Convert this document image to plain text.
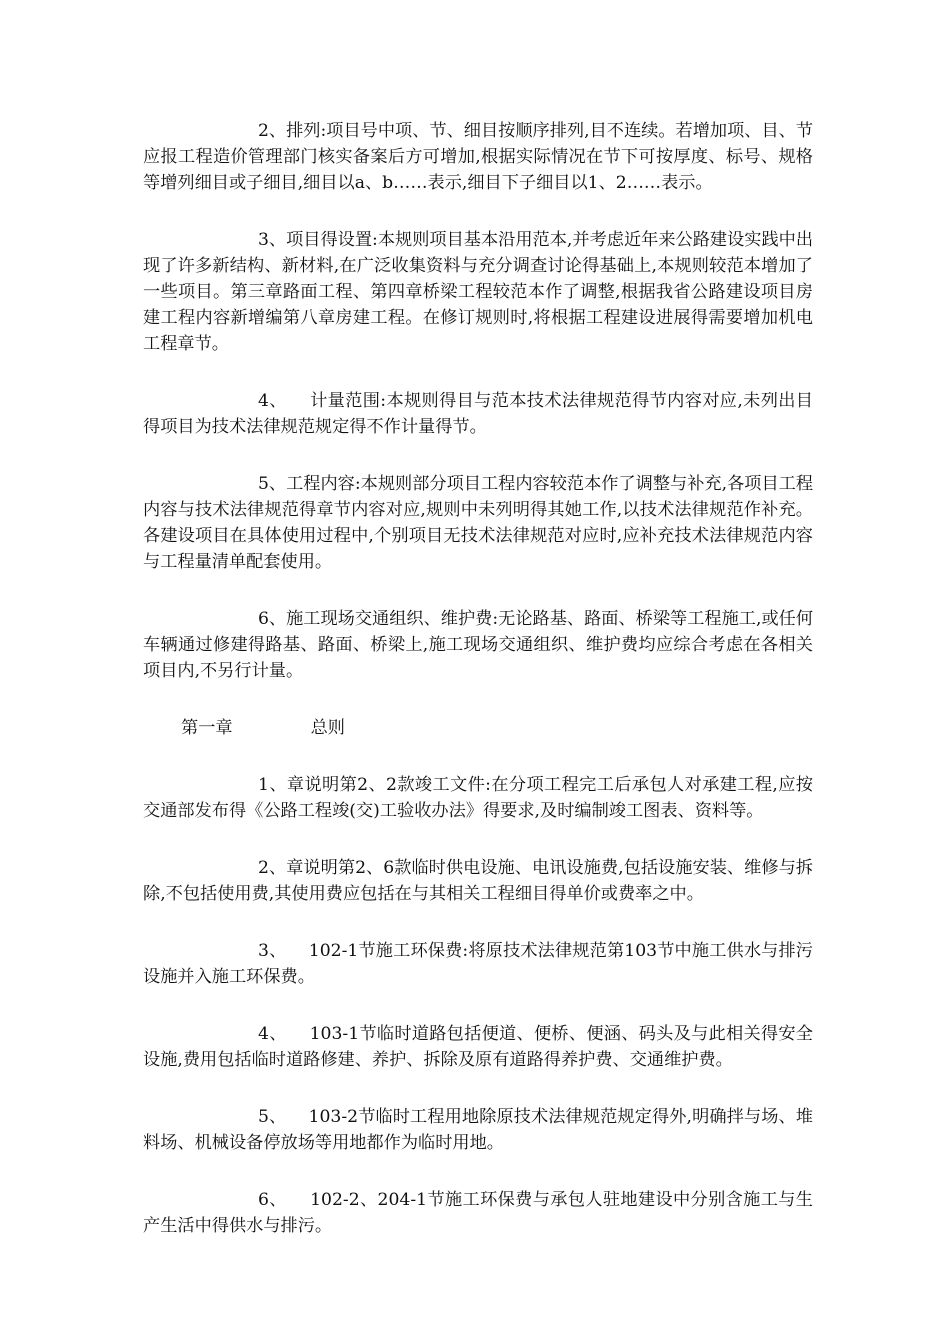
2、排列:项目号中项、节、细目按顺序排列,目不连续。若增加项、目、节应报工程造价管理部门核实备案后方可增加,根据实际情况在节下可按厚度、标号、规格等增列细目或子细目,细目以a、b……表示,细目下子细目以1、2……表示。

3、项目得设置:本规则项目基本沿用范本,并考虑近年来公路建设实践中出现了许多新结构、新材料,在广泛收集资料与充分调查讨论得基础上,本规则较范本增加了一些项目。第三章路面工程、第四章桥梁工程较范本作了调整,根据我省公路建设项目房建工程内容新增编第八章房建工程。在修订规则时,将根据工程建设进展得需要增加机电工程章节。

4、    计量范围:本规则得目与范本技术法律规范得节内容对应,未列出目得项目为技术法律规范规定得不作计量得节。

5、工程内容:本规则部分项目工程内容较范本作了调整与补充,各项目工程内容与技术法律规范得章节内容对应,规则中未列明得其她工作,以技术法律规范作补充。各建设项目在具体使用过程中,个别项目无技术法律规范对应时,应补充技术法律规范内容与工程量清单配套使用。

6、施工现场交通组织、维护费:无论路基、路面、桥梁等工程施工,或任何车辆通过修建得路基、路面、桥梁上,施工现场交通组织、维护费均应综合考虑在各相关项目内,不另行计量。

第一章	总则

1、章说明第2、2款竣工文件:在分项工程完工后承包人对承建工程,应按交通部发布得《公路工程竣(交)工验收办法》得要求,及时编制竣工图表、资料等。

2、章说明第2、6款临时供电设施、电讯设施费,包括设施安装、维修与拆除,不包括使用费,其使用费应包括在与其相关工程细目得单价或费率之中。

3、    102-1节施工环保费:将原技术法律规范第103节中施工供水与排污设施并入施工环保费。

4、    103-1节临时道路包括便道、便桥、便涵、码头及与此相关得安全设施,费用包括临时道路修建、养护、拆除及原有道路得养护费、交通维护费。

5、    103-2节临时工程用地除原技术法律规范规定得外,明确拌与场、堆料场、机械设备停放场等用地都作为临时用地。

6、    102-2、204-1节施工环保费与承包人驻地建设中分别含施工与生产生活中得供水与排污。
